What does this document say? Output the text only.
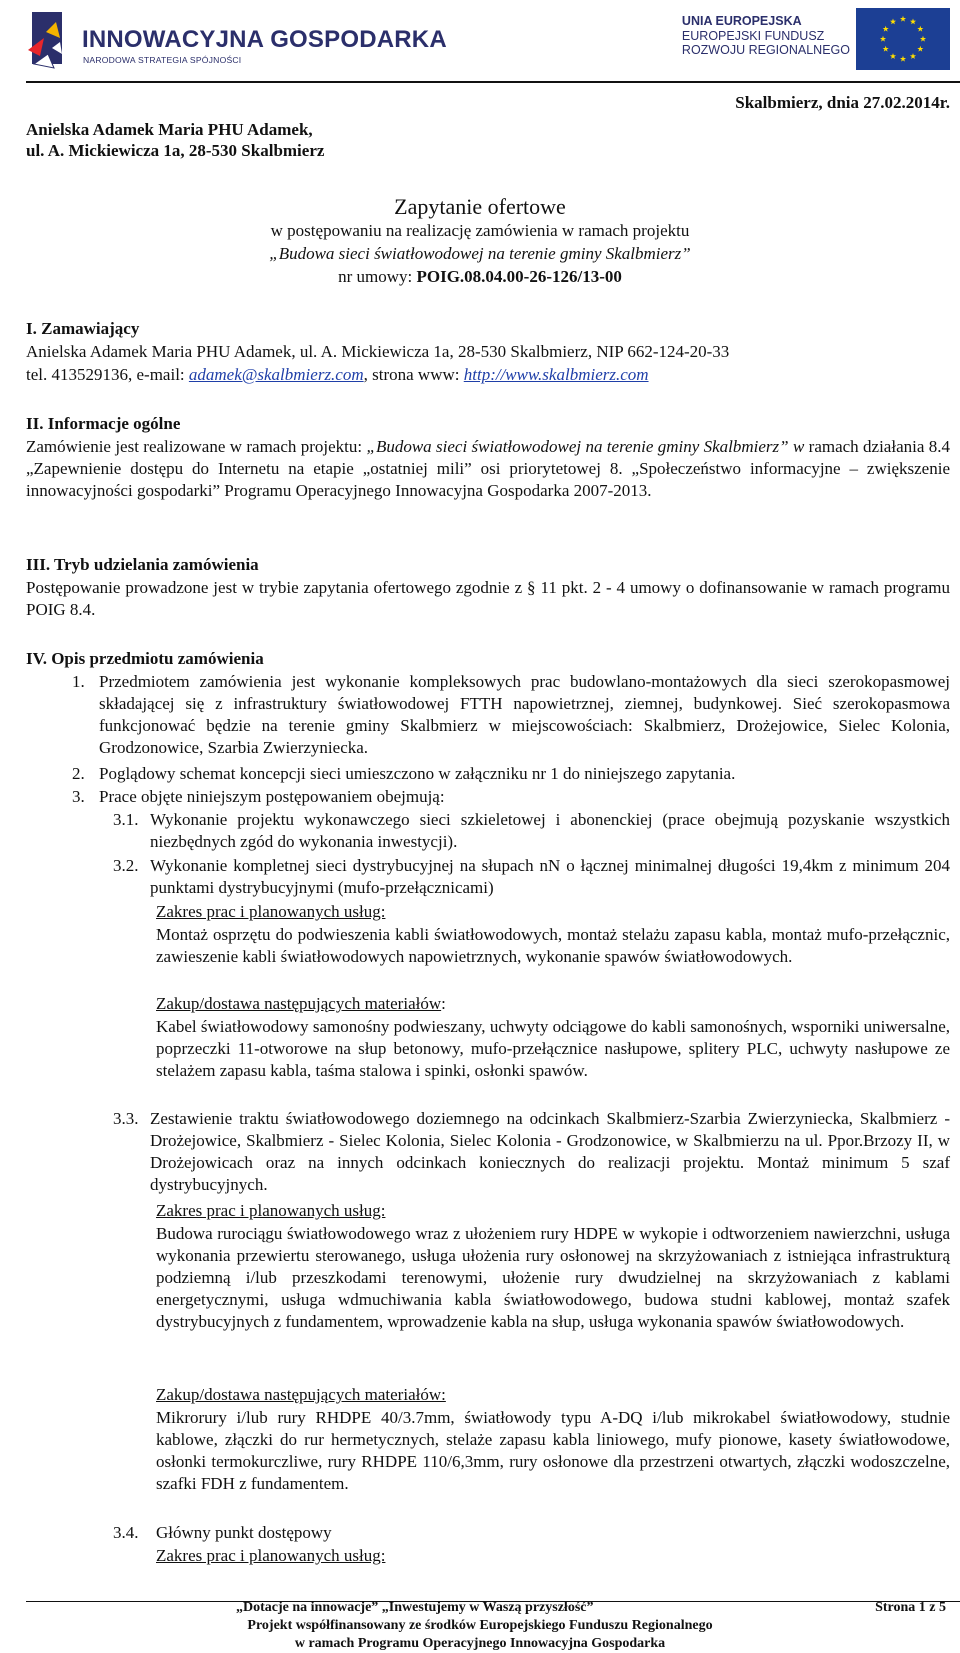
INNOWACYJNA GOSPODARKA
NARODOWA STRATEGIA SPÓJNOŚCI
UNIA EUROPEJSKA
EUROPEJSKI FUNDUSZ
ROZWOJU REGIONALNEGO
Anielska Adamek Maria PHU Adamek,
ul. A. Mickiewicza 1a, 28-530 Skalbmierz
Skalbmierz, dnia 27.02.2014r.
Zapytanie ofertowe
w postępowaniu na realizację zamówienia w ramach projektu
„Budowa sieci światłowodowej na terenie gminy Skalbmierz”
nr umowy: POIG.08.04.00-26-126/13-00
I. Zamawiający
Anielska Adamek Maria PHU Adamek, ul. A. Mickiewicza 1a, 28-530 Skalbmierz, NIP 662-124-20-33
tel. 413529136, e-mail: adamek@skalbmierz.com, strona www: http://www.skalbmierz.com
II. Informacje ogólne
Zamówienie jest realizowane w ramach projektu: „Budowa sieci światłowodowej na terenie gminy Skalbmierz” w ramach działania 8.4 „Zapewnienie dostępu do Internetu na etapie „ostatniej mili” osi priorytetowej 8. „Społeczeństwo informacyjne – zwiększenie innowacyjności gospodarki” Programu Operacyjnego Innowacyjna Gospodarka 2007-2013.
III. Tryb udzielania zamówienia
Postępowanie prowadzone jest w trybie zapytania ofertowego zgodnie z § 11 pkt. 2 - 4 umowy o dofinansowanie w ramach programu POIG 8.4.
IV. Opis przedmiotu zamówienia
1. Przedmiotem zamówienia jest wykonanie kompleksowych prac budowlano-montażowych dla sieci szerokopasmowej składającej się z infrastruktury światłowodowej FTTH napowietrznej, ziemnej, budynkowej. Sieć szerokopasmowa funkcjonować będzie na terenie gminy Skalbmierz w miejscowościach: Skalbmierz, Drożejowice, Sielec Kolonia, Grodzonowice, Szarbia Zwierzyniecka.
2. Poglądowy schemat koncepcji sieci umieszczono w załączniku nr 1 do niniejszego zapytania.
3. Prace objęte niniejszym postępowaniem obejmują:
3.1. Wykonanie projektu wykonawczego sieci szkieletowej i abonenckiej (prace obejmują pozyskanie wszystkich niezbędnych zgód do wykonania inwestycji).
3.2. Wykonanie kompletnej sieci dystrybucyjnej na słupach nN o łącznej minimalnej długości 19,4km z minimum 204 punktami dystrybucyjnymi (mufo-przełącznicami)
Zakres prac i planowanych usług:
Montaż osprzętu do podwieszenia kabli światłowodowych, montaż stelażu zapasu kabla, montaż mufo-przełącznic, zawieszenie kabli światłowodowych napowietrznych, wykonanie spawów światłowodowych.
Zakup/dostawa następujących materiałów:
Kabel światłowodowy samonośny podwieszany, uchwyty odciągowe do kabli samonośnych, wsporniki uniwersalne, poprzeczki 11-otworowe na słup betonowy, mufo-przełącznice nasłupowe, splitery PLC, uchwyty nasłupowe ze stelażem zapasu kabla, taśma stalowa i spinki, osłonki spawów.
3.3. Zestawienie traktu światłowodowego doziemnego na odcinkach Skalbmierz-Szarbia Zwierzyniecka, Skalbmierz - Drożejowice, Skalbmierz - Sielec Kolonia, Sielec Kolonia - Grodzonowice, w Skalbmierzu na ul. Ppor.Brzozy II, w Drożejowicach oraz na innych odcinkach koniecznych do realizacji projektu. Montaż minimum 5 szaf dystrybucyjnych.
Zakres prac i planowanych usług:
Budowa rurociągu światłowodowego wraz z ułożeniem rury HDPE w wykopie i odtworzeniem nawierzchni, usługa wykonania przewiertu sterowanego, usługa ułożenia rury osłonowej na skrzyżowaniach z istniejąca infrastrukturą podziemną i/lub przeszkodami terenowymi, ułożenie rury dwudzielnej na skrzyżowaniach z kablami energetycznymi, usługa wdmuchiwania kabla światłowodowego, budowa studni kablowej, montaż szafek dystrybucyjnych z fundamentem, wprowadzenie kabla na słup, usługa wykonania spawów światłowodowych.
Zakup/dostawa następujących materiałów:
Mikrorury i/lub rury RHDPE 40/3.7mm, światłowody typu A-DQ i/lub mikrokabel światłowodowy, studnie kablowe, złączki do rur hermetycznych, stelaże zapasu kabla liniowego, mufy pionowe, kasety światłowodowe, osłonki termokurczliwe, rury RHDPE 110/6,3mm, rury osłonowe dla przestrzeni otwartych, złączki wodoszczelne, szafki FDH z fundamentem.
3.4. Główny punkt dostępowy
Zakres prac i planowanych usług:
„Dotacje na innowacje” „Inwestujemy w Waszą przyszłość”	Strona 1 z 5
Projekt współfinansowany ze środków Europejskiego Funduszu Regionalnego
w ramach Programu Operacyjnego Innowacyjna Gospodarka
